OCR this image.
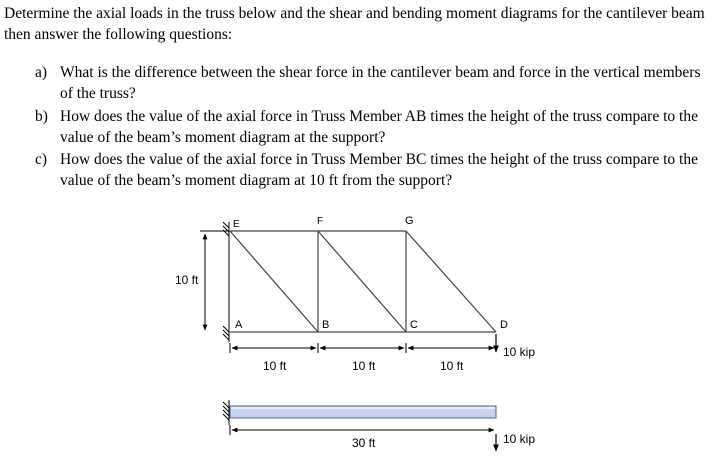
Determine the axial loads in the truss below and the shear and bending moment diagrams for the cantilever beam then answer the following questions:

a) What is the difference between the shear force in the cantilever beam and force in the vertical members of the truss?
b) How does the value of the axial force in Truss Member AB times the height of the truss compare to the value of the beam’s moment diagram at the support?
c) How does the value of the axial force in Truss Member BC times the height of the truss compare to the value of the beam’s moment diagram at 10 ft from the support?
E	F	G
A	B	C	D
10 ft
10 ft	10 ft	10 ft
10 kip
30 ft	10 kip
